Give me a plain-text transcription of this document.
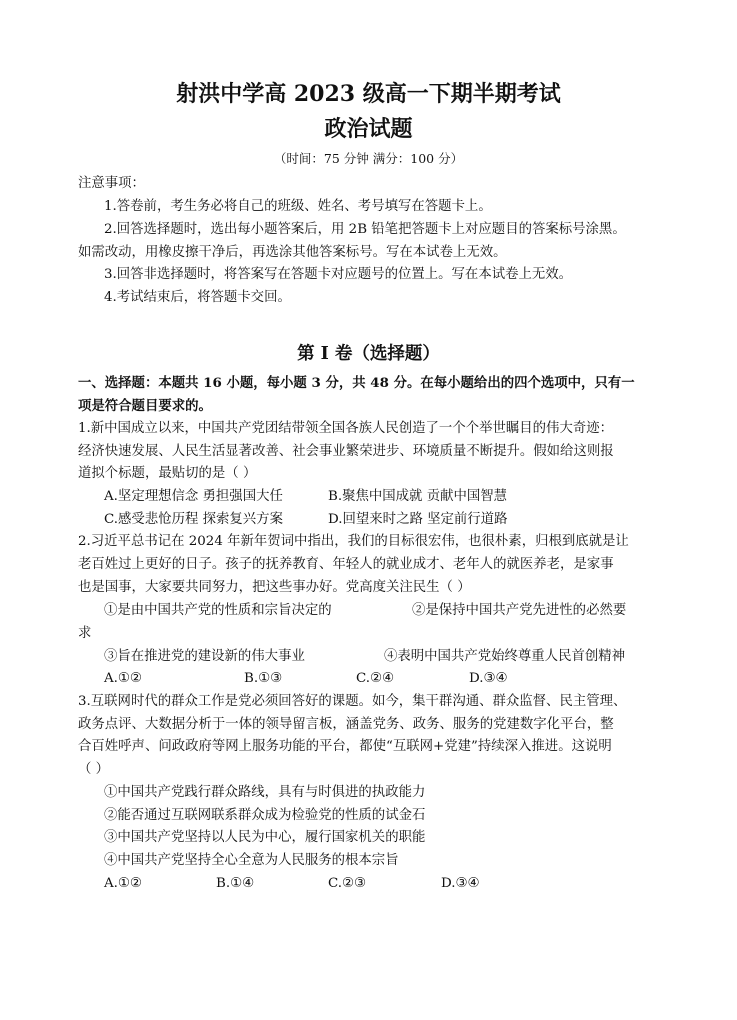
射洪中学高 2023 级高一下期半期考试
政治试题
（时间：75 分钟 满分：100 分）
注意事项：
1.答卷前，考生务必将自己的班级、姓名、考号填写在答题卡上。
2.回答选择题时，选出每小题答案后，用 2B 铅笔把答题卡上对应题目的答案标号涂黑。
如需改动，用橡皮擦干净后，再选涂其他答案标号。写在本试卷上无效。
3.回答非选择题时，将答案写在答题卡对应题号的位置上。写在本试卷上无效。
4.考试结束后，将答题卡交回。
第 I 卷（选择题）
一、选择题：本题共 16 小题，每小题 3 分，共 48 分。在每小题给出的四个选项中，只有一
项是符合题目要求的。
1.新中国成立以来，中国共产党团结带领全国各族人民创造了一个个举世瞩目的伟大奇迹：
经济快速发展、人民生活显著改善、社会事业繁荣进步、环境质量不断提升。假如给这则报
道拟个标题，最贴切的是（ ）
A.坚定理想信念 勇担强国大任	B.聚焦中国成就 贡献中国智慧
C.感受悲怆历程 探索复兴方案	D.回望来时之路 坚定前行道路
2.习近平总书记在 2024 年新年贺词中指出，我们的目标很宏伟，也很朴素，归根到底就是让
老百姓过上更好的日子。孩子的抚养教育、年轻人的就业成才、老年人的就医养老，是家事
也是国事，大家要共同努力，把这些事办好。党高度关注民生（ ）
①是由中国共产党的性质和宗旨决定的	②是保持中国共产党先进性的必然要
求
③旨在推进党的建设新的伟大事业	④表明中国共产党始终尊重人民首创精神
A.①②	B.①③	C.②④	D.③④
3.互联网时代的群众工作是党必须回答好的课题。如今，集干群沟通、群众监督、民主管理、
政务点评、大数据分析于一体的领导留言板，涵盖党务、政务、服务的党建数字化平台，整
合百姓呼声、问政政府等网上服务功能的平台，都使“互联网+党建”持续深入推进。这说明
（ ）
①中国共产党践行群众路线，具有与时俱进的执政能力
②能否通过互联网联系群众成为检验党的性质的试金石
③中国共产党坚持以人民为中心，履行国家机关的职能
④中国共产党坚持全心全意为人民服务的根本宗旨
A.①②	B.①④	C.②③	D.③④
